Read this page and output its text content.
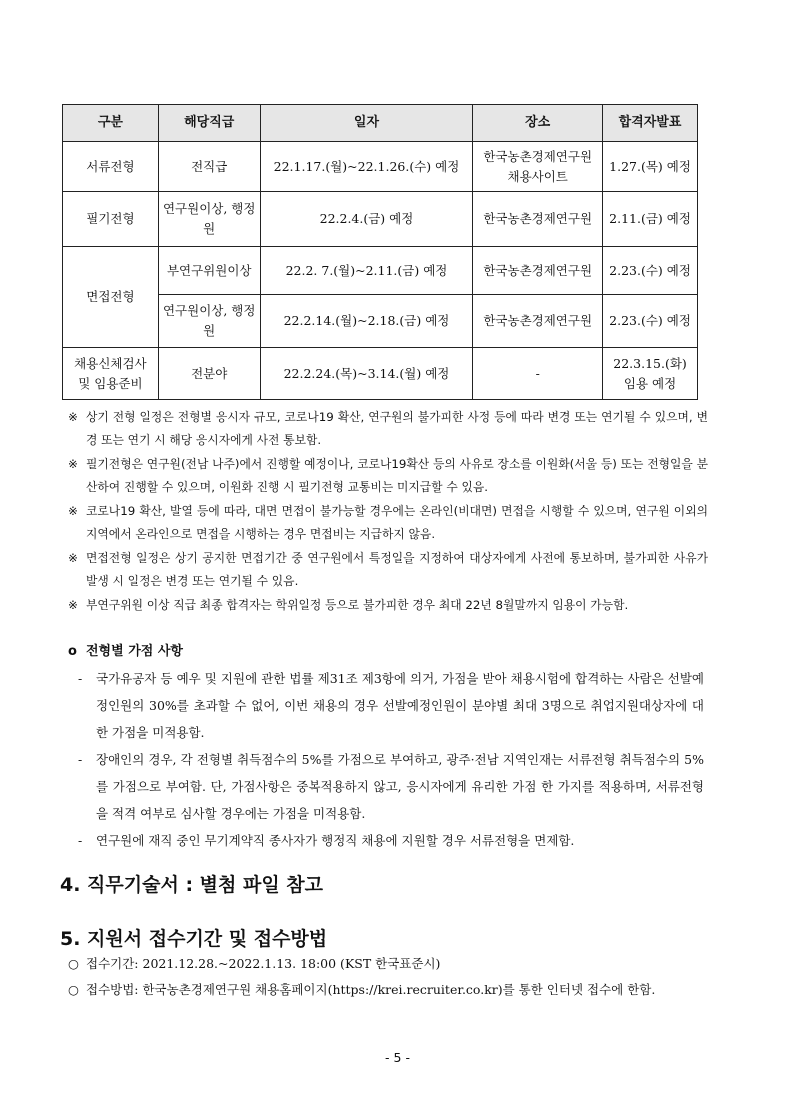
구분	해당직급	일자	장소	합격자발표
서류전형	전직급	22.1.17.(월)~22.1.26.(수) 예정	한국농촌경제연구원 채용사이트	1.27.(목) 예정
필기전형	연구원이상, 행정원	22.2.4.(금) 예정	한국농촌경제연구원	2.11.(금) 예정
면접전형	부연구위원이상	22.2. 7.(월)~2.11.(금) 예정	한국농촌경제연구원	2.23.(수) 예정
	연구원이상, 행정원	22.2.14.(월)~2.18.(금) 예정	한국농촌경제연구원	2.23.(수) 예정
채용신체검사 및 임용준비	전분야	22.2.24.(목)~3.14.(월) 예정	-	22.3.15.(화) 임용 예정
※ 상기 전형 일정은 전형별 응시자 규모, 코로나19 확산, 연구원의 불가피한 사정 등에 따라 변경 또는 연기될 수 있으며, 변경 또는 연기 시 해당 응시자에게 사전 통보함.
※ 필기전형은 연구원(전남 나주)에서 진행할 예정이나, 코로나19확산 등의 사유로 장소를 이원화(서울 등) 또는 전형일을 분산하여 진행할 수 있으며, 이원화 진행 시 필기전형 교통비는 미지급할 수 있음.
※ 코로나19 확산, 발열 등에 따라, 대면 면접이 불가능할 경우에는 온라인(비대면) 면접을 시행할 수 있으며, 연구원 이외의 지역에서 온라인으로 면접을 시행하는 경우 면접비는 지급하지 않음.
※ 면접전형 일정은 상기 공지한 면접기간 중 연구원에서 특정일을 지정하여 대상자에게 사전에 통보하며, 불가피한 사유가 발생 시 일정은 변경 또는 연기될 수 있음.
※ 부연구위원 이상 직급 최종 합격자는 학위일정 등으로 불가피한 경우 최대 22년 8월말까지 임용이 가능함.
o 전형별 가점 사항
- 국가유공자 등 예우 및 지원에 관한 법률 제31조 제3항에 의거, 가점을 받아 채용시험에 합격하는 사람은 선발예정인원의 30%를 초과할 수 없어, 이번 채용의 경우 선발예정인원이 분야별 최대 3명으로 취업지원대상자에 대한 가점을 미적용함.
- 장애인의 경우, 각 전형별 취득점수의 5%를 가점으로 부여하고, 광주·전남 지역인재는 서류전형 취득점수의 5%를 가점으로 부여함. 단, 가점사항은 중복적용하지 않고, 응시자에게 유리한 가점 한 가지를 적용하며, 서류전형을 적격 여부로 심사할 경우에는 가점을 미적용함.
- 연구원에 재직 중인 무기계약직 종사자가 행정직 채용에 지원할 경우 서류전형을 면제함.
4. 직무기술서 : 별첨 파일 참고
5. 지원서 접수기간 및 접수방법
○ 접수기간: 2021.12.28.~2022.1.13. 18:00 (KST 한국표준시)
○ 접수방법: 한국농촌경제연구원 채용홈페이지(https://krei.recruiter.co.kr)를 통한 인터넷 접수에 한함.
- 5 -
